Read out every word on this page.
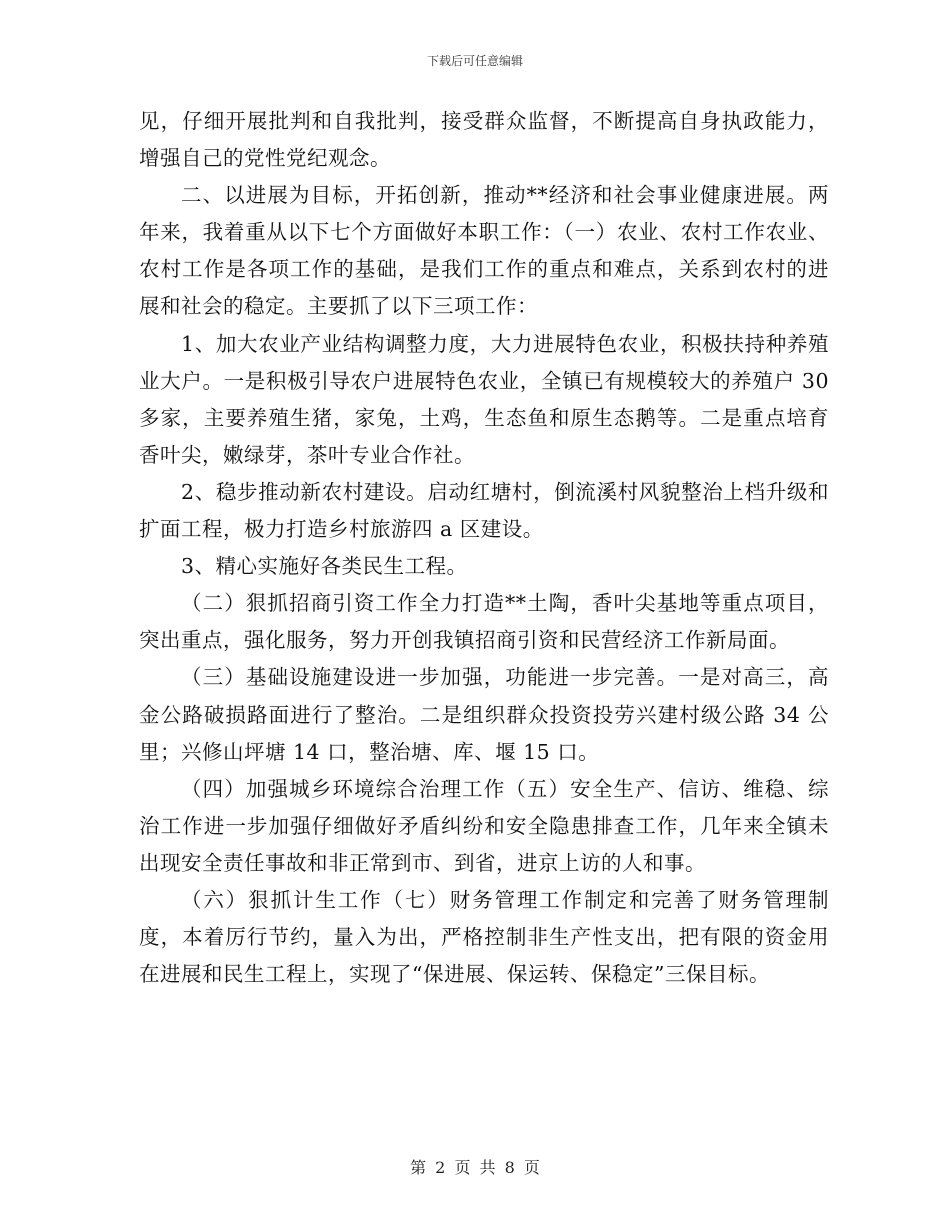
下载后可任意编辑

见，仔细开展批判和自我批判，接受群众监督，不断提高自身执政能力，增强自己的党性党纪观念。

二、以进展为目标，开拓创新，推动**经济和社会事业健康进展。两年来，我着重从以下七个方面做好本职工作：（一）农业、农村工作农业、农村工作是各项工作的基础，是我们工作的重点和难点，关系到农村的进展和社会的稳定。主要抓了以下三项工作：

1、加大农业产业结构调整力度，大力进展特色农业，积极扶持种养殖业大户。一是积极引导农户进展特色农业，全镇已有规模较大的养殖户 30 多家，主要养殖生猪，家兔，土鸡，生态鱼和原生态鹅等。二是重点培育香叶尖，嫩绿芽，茶叶专业合作社。

2、稳步推动新农村建设。启动红塘村，倒流溪村风貌整治上档升级和扩面工程，极力打造乡村旅游四 a 区建设。

3、精心实施好各类民生工程。

（二）狠抓招商引资工作全力打造**土陶，香叶尖基地等重点项目，突出重点，强化服务，努力开创我镇招商引资和民营经济工作新局面。

（三）基础设施建设进一步加强，功能进一步完善。一是对高三，高金公路破损路面进行了整治。二是组织群众投资投劳兴建村级公路 34 公里；兴修山坪塘 14 口，整治塘、库、堰 15 口。

（四）加强城乡环境综合治理工作（五）安全生产、信访、维稳、综治工作进一步加强仔细做好矛盾纠纷和安全隐患排查工作，几年来全镇未出现安全责任事故和非正常到市、到省，进京上访的人和事。

（六）狠抓计生工作（七）财务管理工作制定和完善了财务管理制度，本着厉行节约，量入为出，严格控制非生产性支出，把有限的资金用在进展和民生工程上，实现了“保进展、保运转、保稳定”三保目标。

第 2 页 共 8 页
